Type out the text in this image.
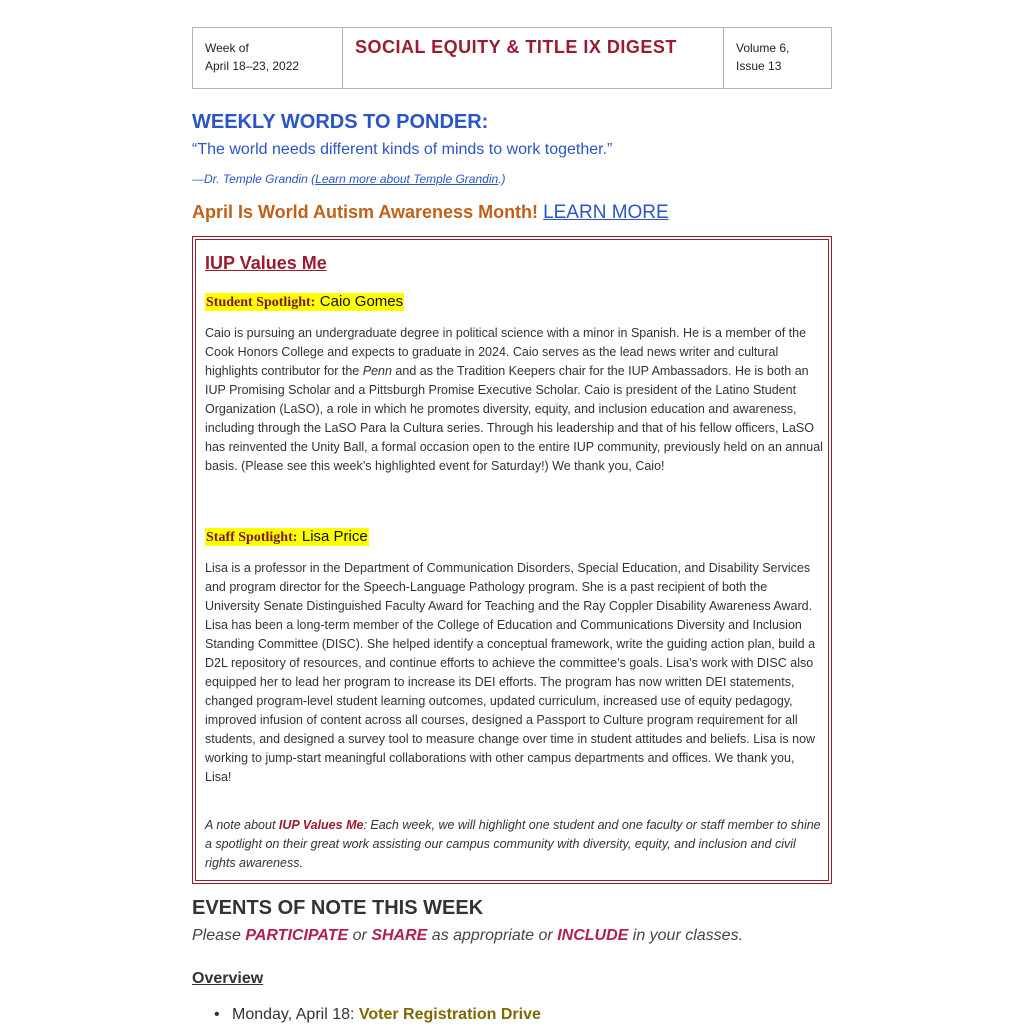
Week of
April 18–23, 2022
SOCIAL EQUITY & TITLE IX DIGEST	Volume 6,
Issue 13
WEEKLY WORDS TO PONDER:
“The world needs different kinds of minds to work together.”
—Dr. Temple Grandin (Learn more about Temple Grandin.)
April Is World Autism Awareness Month! LEARN MORE
IUP Values Me
Student Spotlight: Caio Gomes
Caio is pursuing an undergraduate degree in political science with a minor in Spanish. He is a member of the Cook Honors College and expects to graduate in 2024. Caio serves as the lead news writer and cultural highlights contributor for the Penn and as the Tradition Keepers chair for the IUP Ambassadors. He is both an IUP Promising Scholar and a Pittsburgh Promise Executive Scholar. Caio is president of the Latino Student Organization (LaSO), a role in which he promotes diversity, equity, and inclusion education and awareness, including through the LaSO Para la Cultura series. Through his leadership and that of his fellow officers, LaSO has reinvented the Unity Ball, a formal occasion open to the entire IUP community, previously held on an annual basis. (Please see this week’s highlighted event for Saturday!) We thank you, Caio!
Staff Spotlight: Lisa Price
Lisa is a professor in the Department of Communication Disorders, Special Education, and Disability Services and program director for the Speech-Language Pathology program. She is a past recipient of both the University Senate Distinguished Faculty Award for Teaching and the Ray Coppler Disability Awareness Award. Lisa has been a long-term member of the College of Education and Communications Diversity and Inclusion Standing Committee (DISC). She helped identify a conceptual framework, write the guiding action plan, build a D2L repository of resources, and continue efforts to achieve the committee’s goals. Lisa’s work with DISC also equipped her to lead her program to increase its DEI efforts. The program has now written DEI statements, changed program-level student learning outcomes, updated curriculum, increased use of equity pedagogy, improved infusion of content across all courses, designed a Passport to Culture program requirement for all students, and designed a survey tool to measure change over time in student attitudes and beliefs. Lisa is now working to jump-start meaningful collaborations with other campus departments and offices. We thank you, Lisa!
A note about IUP Values Me: Each week, we will highlight one student and one faculty or staff member to shine a spotlight on their great work assisting our campus community with diversity, equity, and inclusion and civil rights awareness.
EVENTS OF NOTE THIS WEEK
Please PARTICIPATE or SHARE as appropriate or INCLUDE in your classes.
Overview
• Monday, April 18: Voter Registration Drive
